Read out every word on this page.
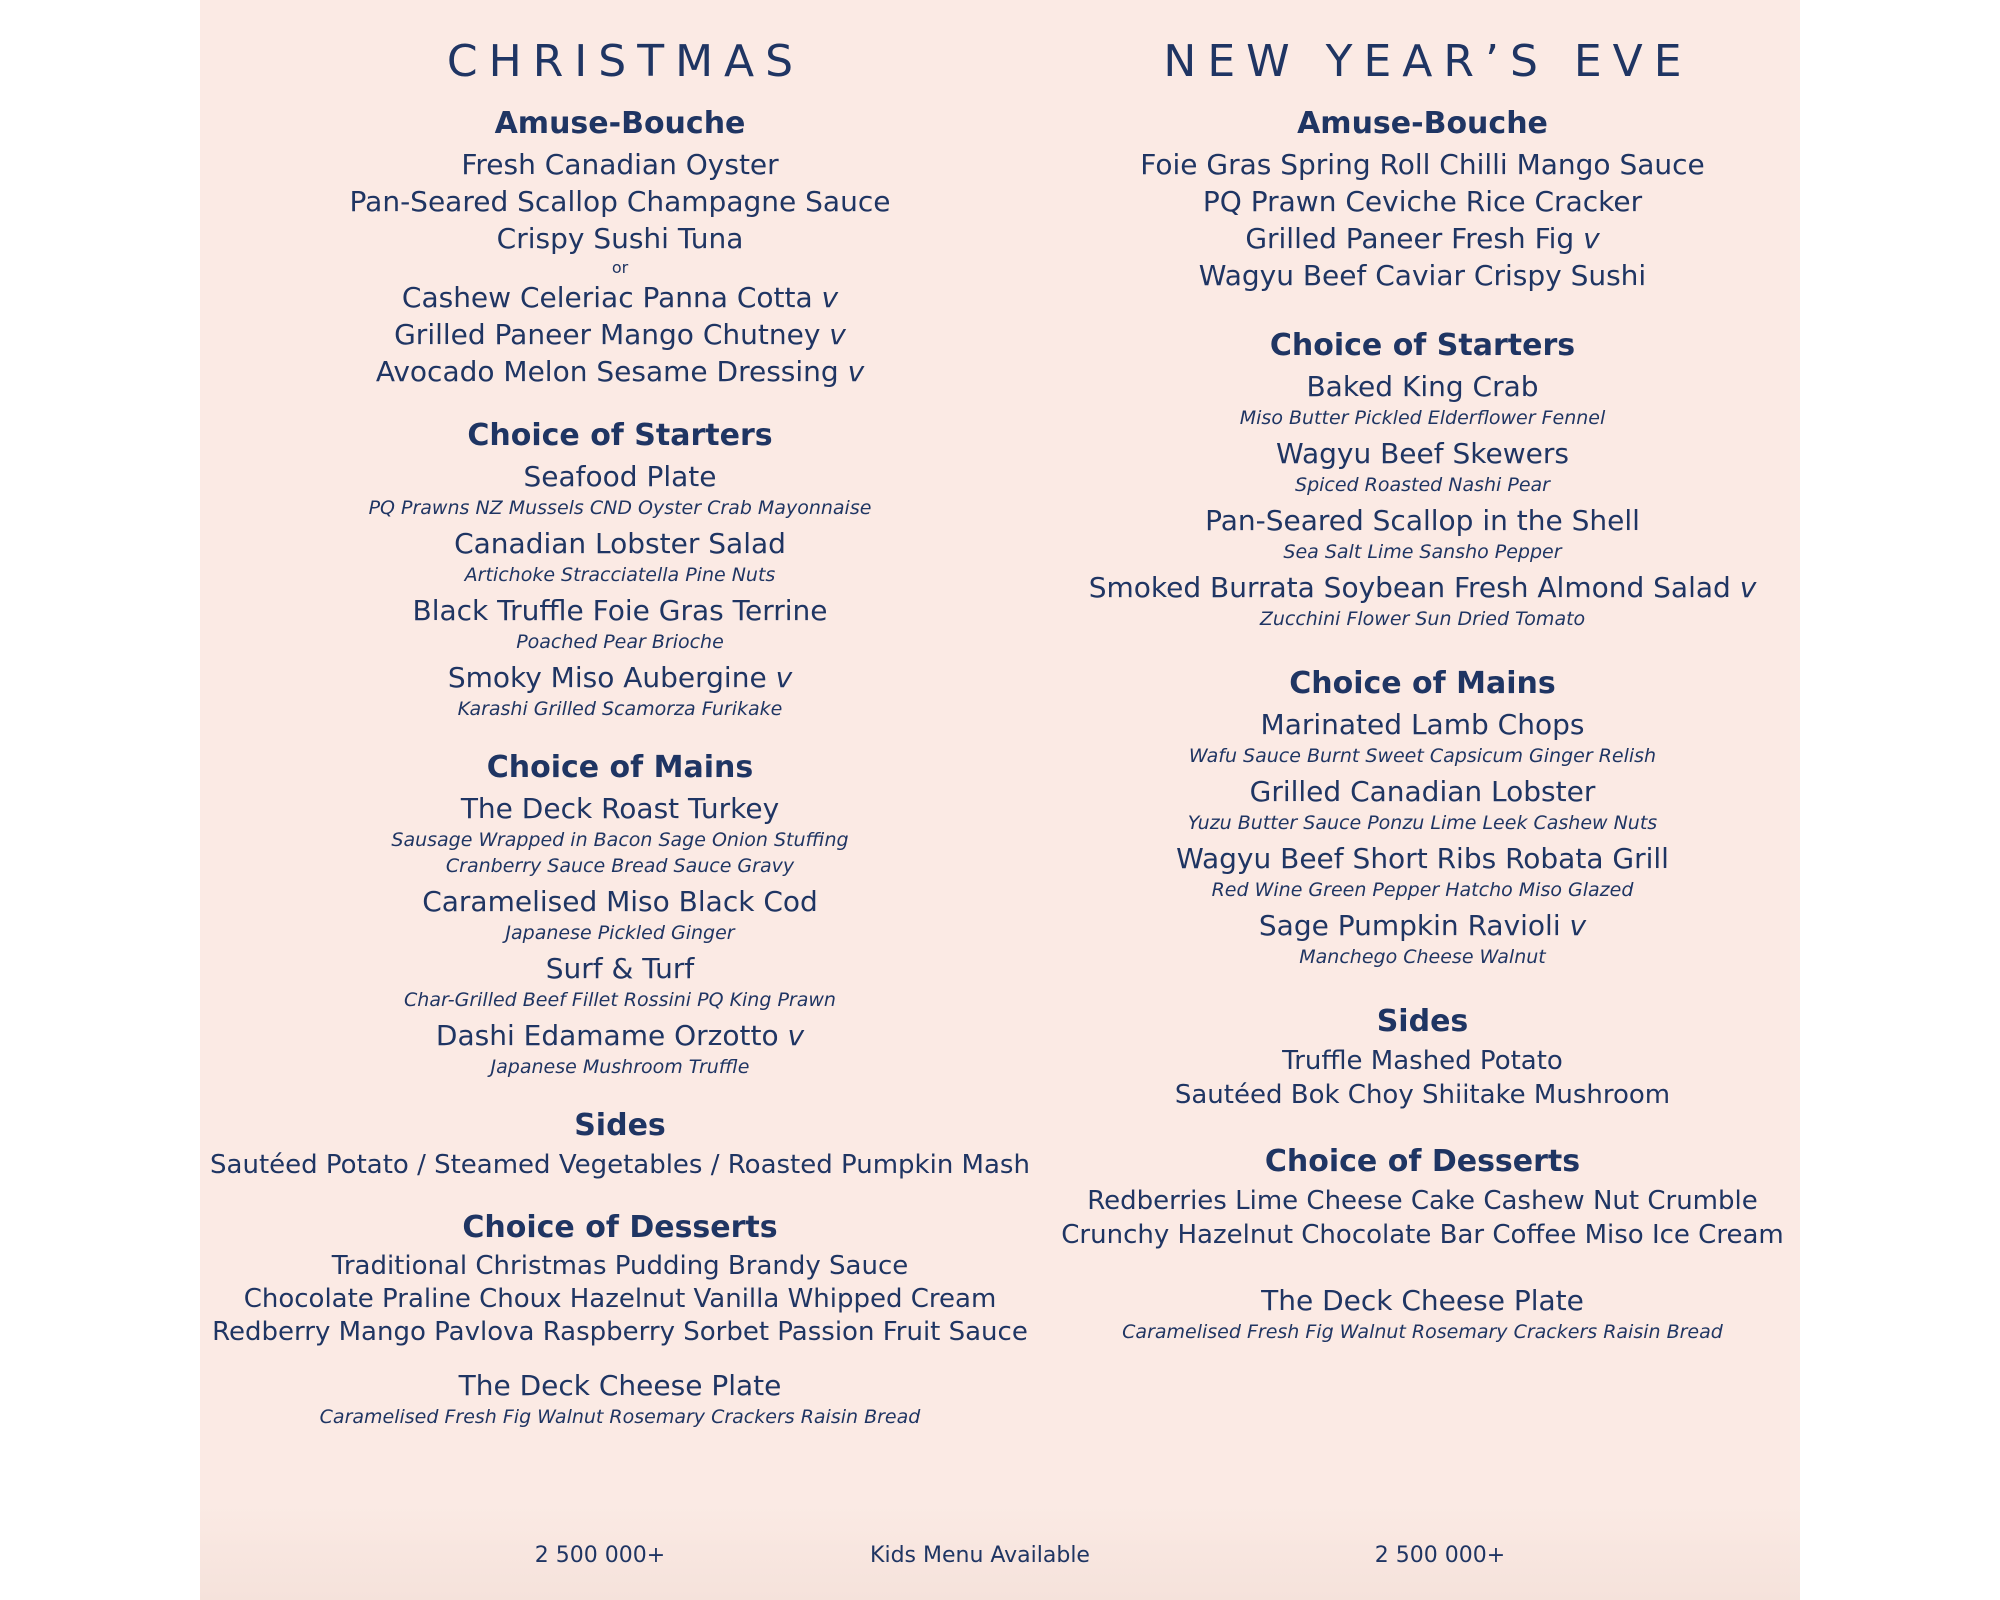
CHRISTMAS
Amuse-Bouche
Fresh Canadian Oyster
Pan-Seared Scallop Champagne Sauce
Crispy Sushi Tuna
or
Cashew Celeriac Panna Cotta v
Grilled Paneer Mango Chutney v
Avocado Melon Sesame Dressing v
Choice of Starters
Seafood Plate
PQ Prawns NZ Mussels CND Oyster Crab Mayonnaise
Canadian Lobster Salad
Artichoke Stracciatella Pine Nuts
Black Truffle Foie Gras Terrine
Poached Pear Brioche
Smoky Miso Aubergine v
Karashi Grilled Scamorza Furikake
Choice of Mains
The Deck Roast Turkey
Sausage Wrapped in Bacon Sage Onion Stuffing
Cranberry Sauce Bread Sauce Gravy
Caramelised Miso Black Cod
Japanese Pickled Ginger
Surf & Turf
Char-Grilled Beef Fillet Rossini PQ King Prawn
Dashi Edamame Orzotto v
Japanese Mushroom Truffle
Sides
Sautéed Potato / Steamed Vegetables / Roasted Pumpkin Mash
Choice of Desserts
Traditional Christmas Pudding Brandy Sauce
Chocolate Praline Choux Hazelnut Vanilla Whipped Cream
Redberry Mango Pavlova Raspberry Sorbet Passion Fruit Sauce
The Deck Cheese Plate
Caramelised Fresh Fig Walnut Rosemary Crackers Raisin Bread
NEW YEAR’S EVE
Amuse-Bouche
Foie Gras Spring Roll Chilli Mango Sauce
PQ Prawn Ceviche Rice Cracker
Grilled Paneer Fresh Fig v
Wagyu Beef Caviar Crispy Sushi
Choice of Starters
Baked King Crab
Miso Butter Pickled Elderflower Fennel
Wagyu Beef Skewers
Spiced Roasted Nashi Pear
Pan-Seared Scallop in the Shell
Sea Salt Lime Sansho Pepper
Smoked Burrata Soybean Fresh Almond Salad v
Zucchini Flower Sun Dried Tomato
Choice of Mains
Marinated Lamb Chops
Wafu Sauce Burnt Sweet Capsicum Ginger Relish
Grilled Canadian Lobster
Yuzu Butter Sauce Ponzu Lime Leek Cashew Nuts
Wagyu Beef Short Ribs Robata Grill
Red Wine Green Pepper Hatcho Miso Glazed
Sage Pumpkin Ravioli v
Manchego Cheese Walnut
Sides
Truffle Mashed Potato
Sautéed Bok Choy Shiitake Mushroom
Choice of Desserts
Redberries Lime Cheese Cake Cashew Nut Crumble
Crunchy Hazelnut Chocolate Bar Coffee Miso Ice Cream
The Deck Cheese Plate
Caramelised Fresh Fig Walnut Rosemary Crackers Raisin Bread
2 500 000+	Kids Menu Available	2 500 000+
